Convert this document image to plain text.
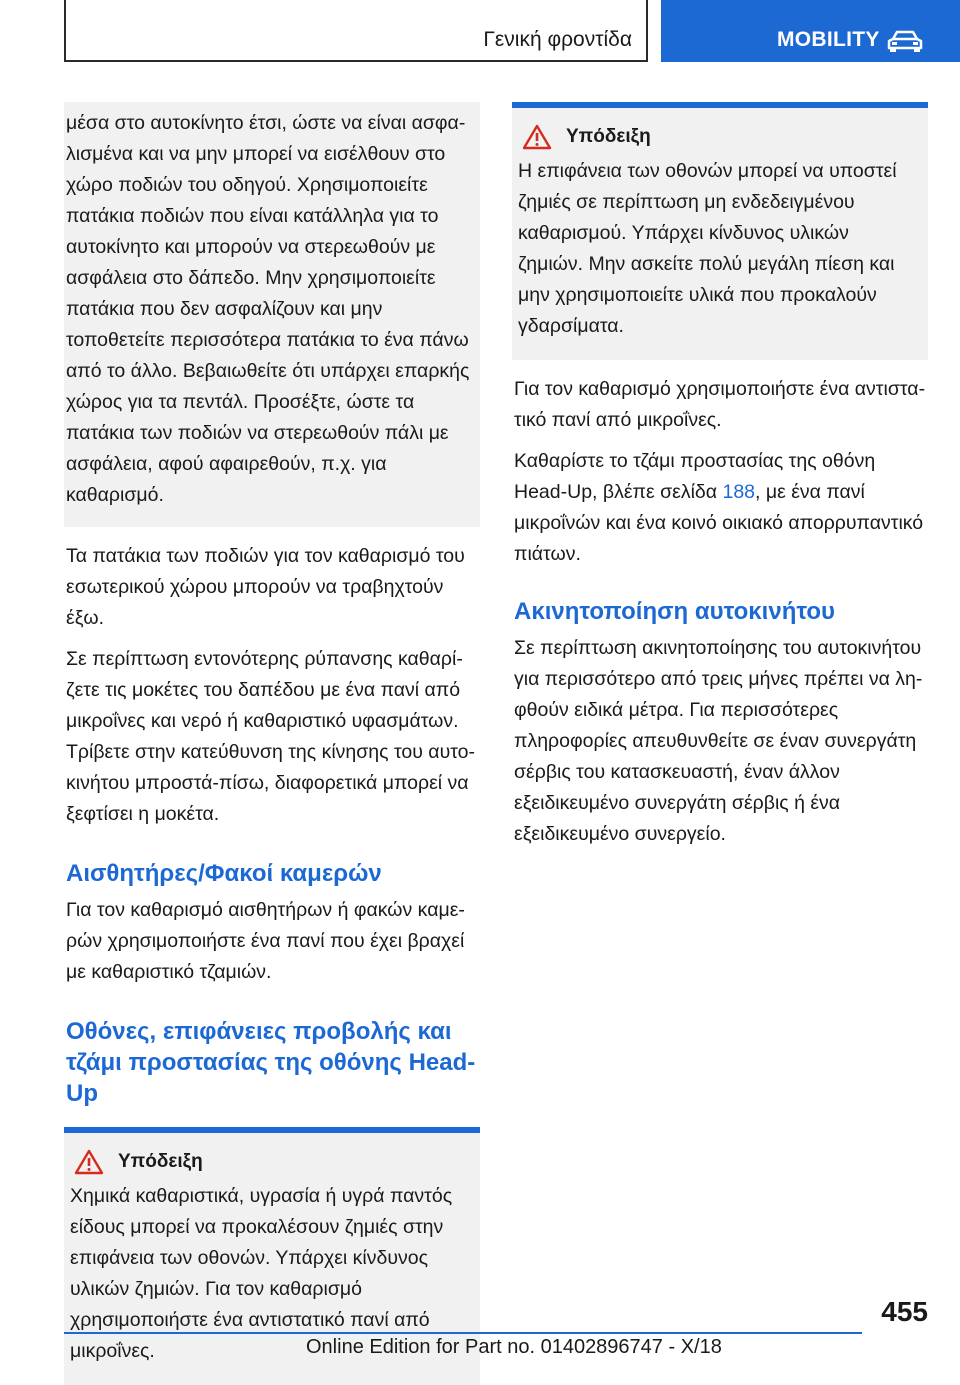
Γενική φροντίδα	MOBILITY

μέσα στο αυτοκίνητο έτσι, ώστε να είναι ασφαλισμένα και να μην μπορεί να εισέλθουν στο χώρο ποδιών του οδηγού. Χρησιμοποιείτε πατάκια ποδιών που είναι κατάλληλα για το αυτοκίνητο και μπορούν να στερεωθούν με ασφάλεια στο δάπεδο. Μην χρησιμοποιείτε πατάκια που δεν ασφαλίζουν και μην τοποθετείτε περισσότερα πατάκια το ένα πάνω από το άλλο. Βεβαιωθείτε ότι υπάρχει επαρκής χώρος για τα πεντάλ. Προσέξτε, ώστε τα πατάκια των ποδιών να στερεωθούν πάλι με ασφάλεια, αφού αφαιρεθούν, π.χ. για καθαρισμό.

Τα πατάκια των ποδιών για τον καθαρισμό του εσωτερικού χώρου μπορούν να τραβηχτούν έξω.

Σε περίπτωση εντονότερης ρύπανσης καθαρίζετε τις μοκέτες του δαπέδου με ένα πανί από μικροΐνες και νερό ή καθαριστικό υφασμάτων. Τρίβετε στην κατεύθυνση της κίνησης του αυτοκινήτου μπροστά-πίσω, διαφορετικά μπορεί να ξεφτίσει η μοκέτα.

Αισθητήρες/Φακοί καμερών

Για τον καθαρισμό αισθητήρων ή φακών καμερών χρησιμοποιήστε ένα πανί που έχει βραχεί με καθαριστικό τζαμιών.

Οθόνες, επιφάνειες προβολής και τζάμι προστασίας της οθόνης Head-Up
Υπόδειξη

Χημικά καθαριστικά, υγρασία ή υγρά παντός είδους μπορεί να προκαλέσουν ζημιές στην επιφάνεια των οθονών. Υπάρχει κίνδυνος υλικών ζημιών. Για τον καθαρισμό χρησιμοποιήστε ένα αντιστατικό πανί από μικροΐνες.

Υπόδειξη

Η επιφάνεια των οθονών μπορεί να υποστεί ζημιές σε περίπτωση μη ενδεδειγμένου καθαρισμού. Υπάρχει κίνδυνος υλικών ζημιών. Μην ασκείτε πολύ μεγάλη πίεση και μην χρησιμοποιείτε υλικά που προκαλούν γδαρσίματα.

Για τον καθαρισμό χρησιμοποιήστε ένα αντιστατικό πανί από μικροΐνες.

Καθαρίστε το τζάμι προστασίας της οθόνη Head-Up, βλέπε σελίδα 188, με ένα πανί μικροΐνών και ένα κοινό οικιακό απορρυπαντικό πιάτων.

Ακινητοποίηση αυτοκινήτου

Σε περίπτωση ακινητοποίησης του αυτοκινήτου για περισσότερο από τρεις μήνες πρέπει να ληφθούν ειδικά μέτρα. Για περισσότερες πληροφορίες απευθυνθείτε σε έναν συνεργάτη σέρβις του κατασκευαστή, έναν άλλον εξειδικευμένο συνεργάτη σέρβις ή ένα εξειδικευμένο συνεργείο.

455
Online Edition for Part no. 01402896747 - X/18
